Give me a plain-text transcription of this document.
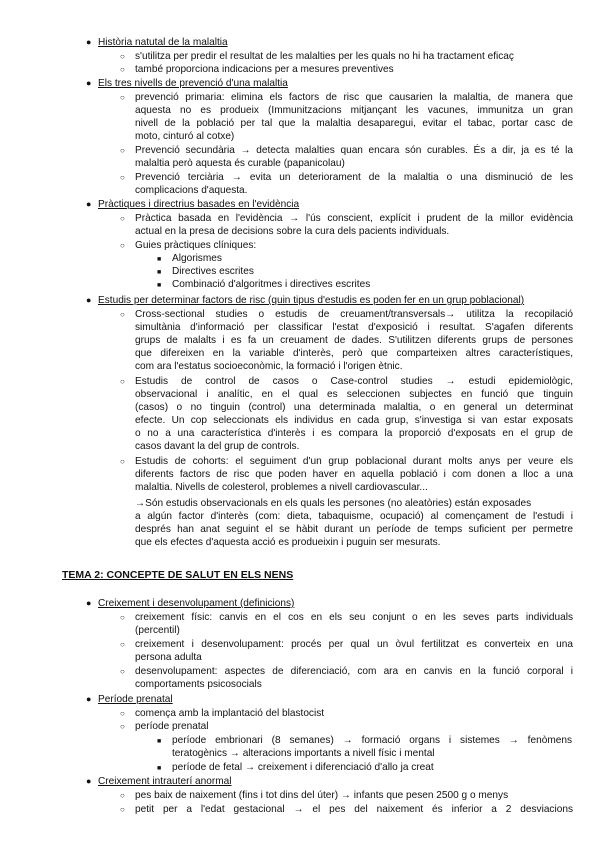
●
Història natutal de la malaltia
○
s'utilitza per predir el resultat de les malalties per les quals no hi ha tractament eficaç
○
també proporciona indicacions per a mesures preventives
●
Els tres nivells de prevenció d'una malaltia
○
prevenció primaria: elimina els factors de risc que causarien la malaltia, de manera que
aquesta no es produeix (Immunitzacions mitjançant les vacunes, immunitza un gran
nivell de la població per tal que la malaltia desaparegui, evitar el tabac, portar casc de
moto, cinturó al cotxe)
○
Prevenció secundària → detecta malalties quan encara són curables. És a dir, ja es té la
malaltia però aquesta és curable (papanicolau)
○
Prevenció terciària → evita un deteriorament de la malaltia o una disminució de les
complicacions d'aquesta.
●
Pràctiques i directrius basades en l'evidència
○
Pràctica basada en l'evidència → l'ús conscient, explícit i prudent de la millor evidència
actual en la presa de decisions sobre la cura dels pacients individuals.
○
Guies pràctiques clíniques:
■
Algorismes
■
Directives escrites
■
Combinació d'algoritmes i directives escrites
●
Estudis per determinar factors de risc (quin tipus d'estudis es poden fer en un grup poblacional)
○
Cross-sectional studies o estudis de creuament/transversals→ utilitza la recopilació
simultània d'informació per classificar l'estat d'exposició i resultat. S'agafen diferents
grups de malalts i es fa un creuament de dades. S'utilitzen diferents grups de persones
que difereixen en la variable d'interès, però que comparteixen altres característiques,
com ara l'estatus socioeconòmic, la formació i l'origen ètnic.
○
Estudis de control de casos o Case-control studies → estudi epidemiològic,
observacional i analític, en el qual es seleccionen subjectes en funció que tinguin
(casos) o no tinguin (control) una determinada malaltia, o en general un determinat
efecte. Un cop seleccionats els individus en cada grup, s'investiga si van estar exposats
o no a una característica d'interès i es compara la proporció d'exposats en el grup de
casos davant la del grup de controls.
○
Estudis de cohorts: el seguiment d'un grup poblacional durant molts anys per veure els
diferents factors de risc que poden haver en aquella població i com donen a lloc a una
malaltia. Nivells de colesterol, problemes a nivell cardiovascular...
→Són estudis observacionals en els quals les persones (no aleatòries) están exposades
a algún factor d'interès (com: dieta, tabaquisme, ocupació) al començament de l'estudi i
després han anat seguint el se hàbit durant un període de temps suficient per permetre
que els efectes d'aquesta acció es produeixin i puguin ser mesurats.
TEMA 2: CONCEPTE DE SALUT EN ELS NENS
●
Creixement i desenvolupament (definicions)
○
creixement físic: canvis en el cos en els seu conjunt o en les seves parts individuals
(percentil)
○
creixement i desenvolupament: procés per qual un òvul fertilitzat es converteix en una
persona adulta
○
desenvolupament: aspectes de diferenciació, com ara en canvis en la funció corporal i
comportaments psicosocials
●
Període prenatal
○
comença amb la implantació del blastocist
○
període prenatal
■
període embrionari (8 semanes) → formació organs i sistemes → fenòmens
teratogènics → alteracions importants a nivell físic i mental
■
període de fetal → creixement i diferenciació d'allo ja creat
●
Creixement intrauterí anormal
○
pes baix de naixement (fins i tot dins del úter) → infants que pesen 2500 g o menys
○
petit per a l'edat gestacional → el pes del naixement és inferior a 2 desviacions
